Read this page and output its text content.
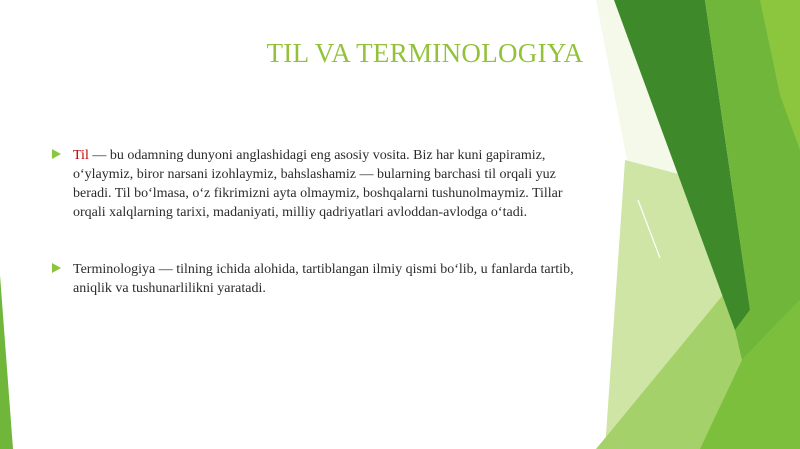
TIL VA TERMINOLOGIYA
Til — bu odamning dunyoni anglashidagi eng asosiy vosita. Biz har kuni gapiramiz, oʻylaymiz, biror narsani izohlaymiz, bahslashamiz — bularning barchasi til orqali yuz beradi. Til boʻlmasa, oʻz fikrimizni ayta olmaymiz, boshqalarni tushunolmaymiz. Tillar orqali xalqlarning tarixi, madaniyati, milliy qadriyatlari avloddan-avlodga oʻtadi.
Terminologiya — tilning ichida alohida, tartiblangan ilmiy qismi boʻlib, u fanlarda tartib, aniqlik va tushunarlilikni yaratadi.
